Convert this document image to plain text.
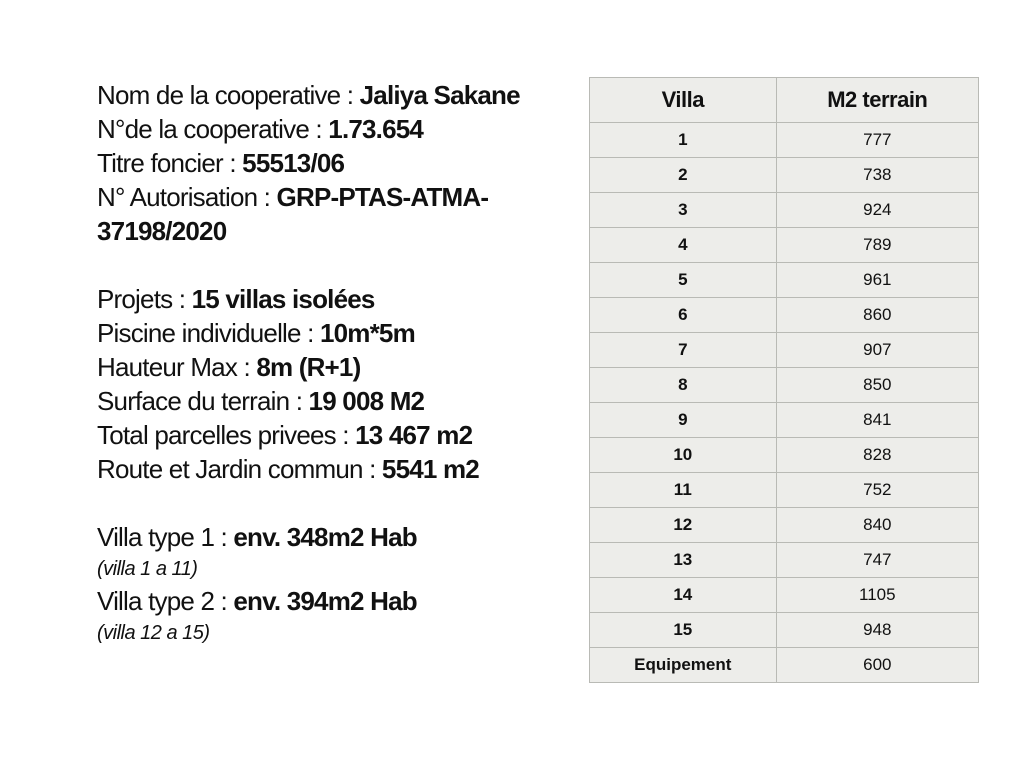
Nom de la cooperative : Jaliya Sakane
N°de la cooperative : 1.73.654
Titre foncier : 55513/06
N° Autorisation : GRP-PTAS-ATMA-37198/2020
Projets : 15 villas isolées
Piscine individuelle : 10m*5m
Hauteur Max : 8m (R+1)
Surface du terrain : 19 008 M2
Total parcelles privees : 13 467 m2
Route et Jardin commun : 5541 m2
Villa type 1 : env. 348m2 Hab
(villa 1 a 11)
Villa type 2 : env. 394m2 Hab
(villa 12 a 15)
Villa	M2 terrain
1	777
2	738
3	924
4	789
5	961
6	860
7	907
8	850
9	841
10	828
11	752
12	840
13	747
14	1105
15	948
Equipement	600
